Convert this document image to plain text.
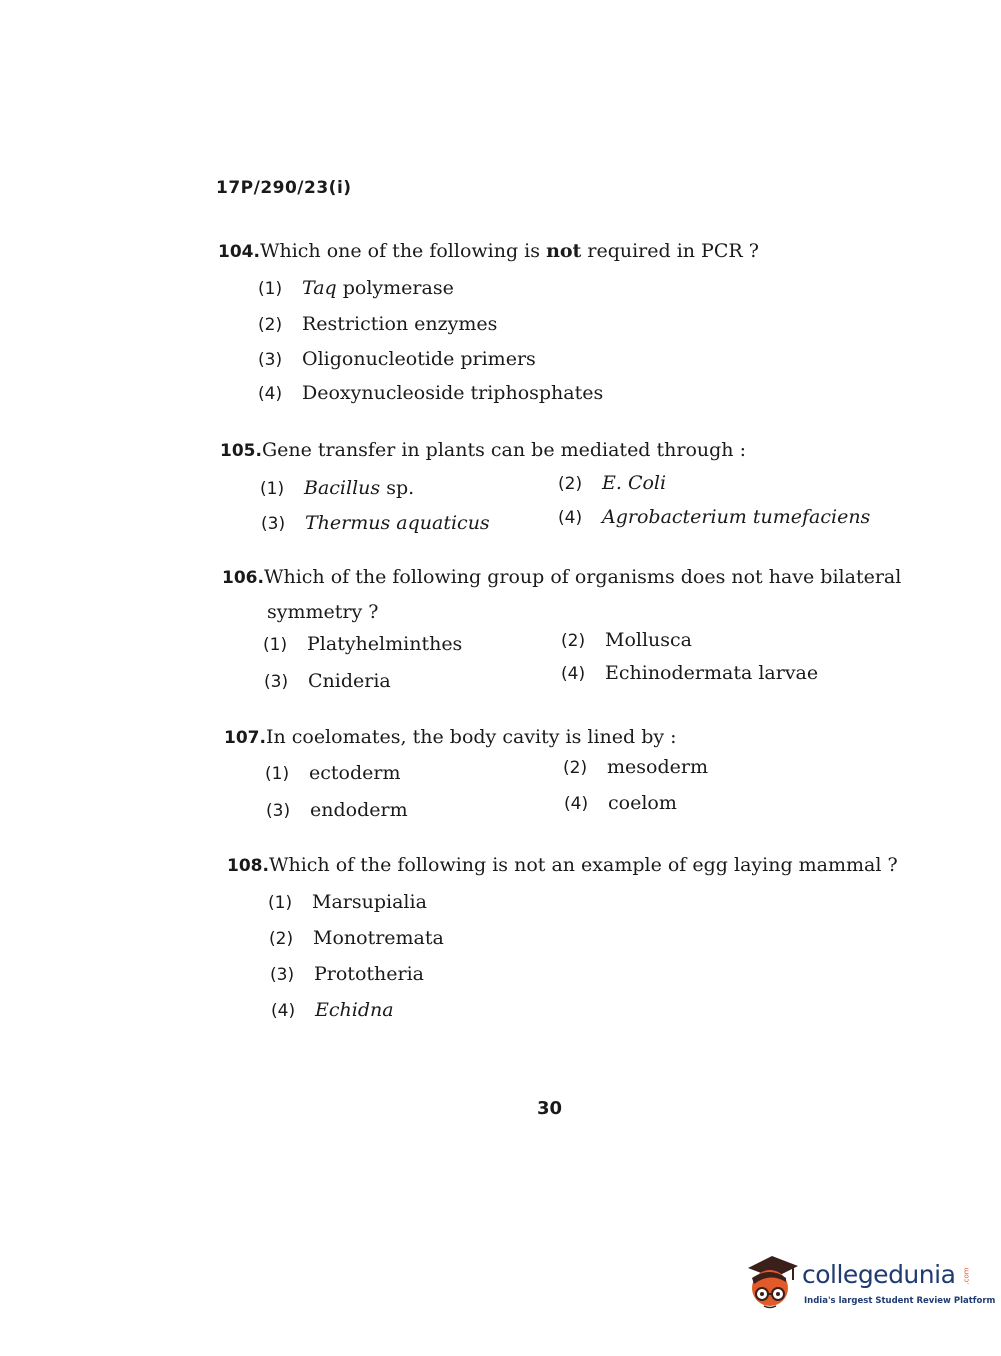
17P/290/23(i)
104.Which one of the following is not required in PCR ?
(1) Taq polymerase
(2) Restriction enzymes
(3) Oligonucleotide primers
(4) Deoxynucleoside triphosphates
105.Gene transfer in plants can be mediated through :
(1) Bacillus sp.	(2) E. Coli
(3) Thermus aquaticus	(4) Agrobacterium tumefaciens
106.Which of the following group of organisms does not have bilateral
symmetry ?
(1) Platyhelminthes	(2) Mollusca
(3) Cnideria	(4) Echinodermata larvae
107.In coelomates, the body cavity is lined by :
(1) ectoderm	(2) mesoderm
(3) endoderm	(4) coelom
108.Which of the following is not an example of egg laying mammal ?
(1) Marsupialia
(2) Monotremata
(3) Prototheria
(4) Echidna
30
collegedunia .com
India's largest Student Review Platform
